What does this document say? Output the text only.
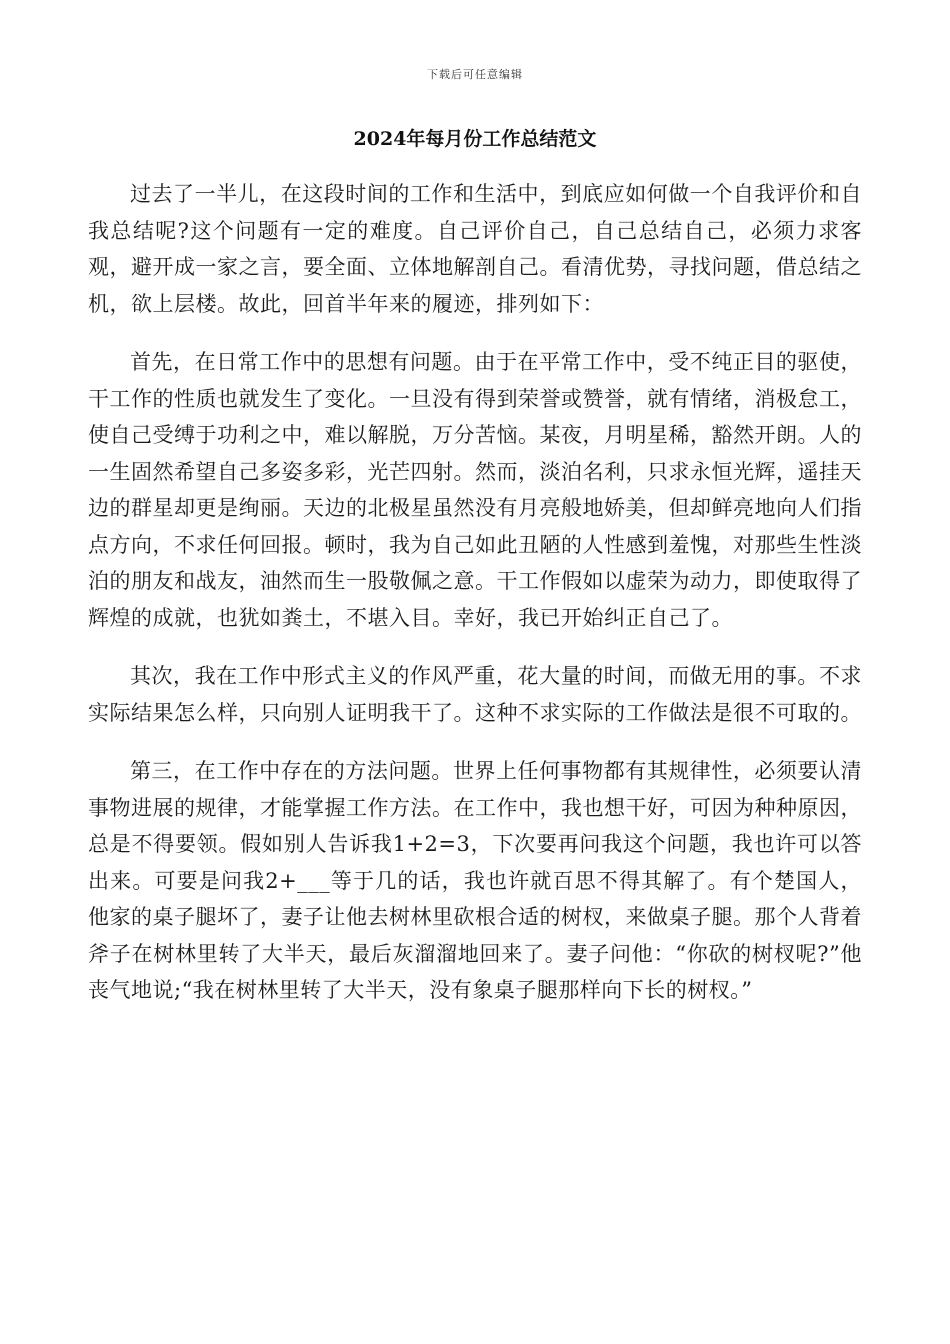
下载后可任意编辑
2024年每月份工作总结范文

过去了一半儿，在这段时间的工作和生活中，到底应如何做一个自我评价和自我总结呢?这个问题有一定的难度。自己评价自己，自己总结自己，必须力求客观，避开成一家之言，要全面、立体地解剖自己。看清优势，寻找问题，借总结之机，欲上层楼。故此，回首半年来的履迹，排列如下：

首先，在日常工作中的思想有问题。由于在平常工作中，受不纯正目的驱使，干工作的性质也就发生了变化。一旦没有得到荣誉或赞誉，就有情绪，消极怠工，使自己受缚于功利之中，难以解脱，万分苦恼。某夜，月明星稀，豁然开朗。人的一生固然希望自己多姿多彩，光芒四射。然而，淡泊名利，只求永恒光辉，遥挂天边的群星却更是绚丽。天边的北极星虽然没有月亮般地娇美，但却鲜亮地向人们指点方向，不求任何回报。顿时，我为自己如此丑陋的人性感到羞愧，对那些生性淡泊的朋友和战友，油然而生一股敬佩之意。干工作假如以虚荣为动力，即使取得了辉煌的成就，也犹如粪土，不堪入目。幸好，我已开始纠正自己了。

其次，我在工作中形式主义的作风严重，花大量的时间，而做无用的事。不求实际结果怎么样，只向别人证明我干了。这种不求实际的工作做法是很不可取的。

第三，在工作中存在的方法问题。世界上任何事物都有其规律性，必须要认清事物进展的规律，才能掌握工作方法。在工作中，我也想干好，可因为种种原因，总是不得要领。假如别人告诉我1+2=3，下次要再问我这个问题，我也许可以答出来。可要是问我2+___等于几的话，我也许就百思不得其解了。有个楚国人，他家的桌子腿坏了，妻子让他去树林里砍根合适的树杈，来做桌子腿。那个人背着斧子在树林里转了大半天，最后灰溜溜地回来了。妻子问他：“你砍的树杈呢?”他丧气地说;“我在树林里转了大半天，没有象桌子腿那样向下长的树杈。”
